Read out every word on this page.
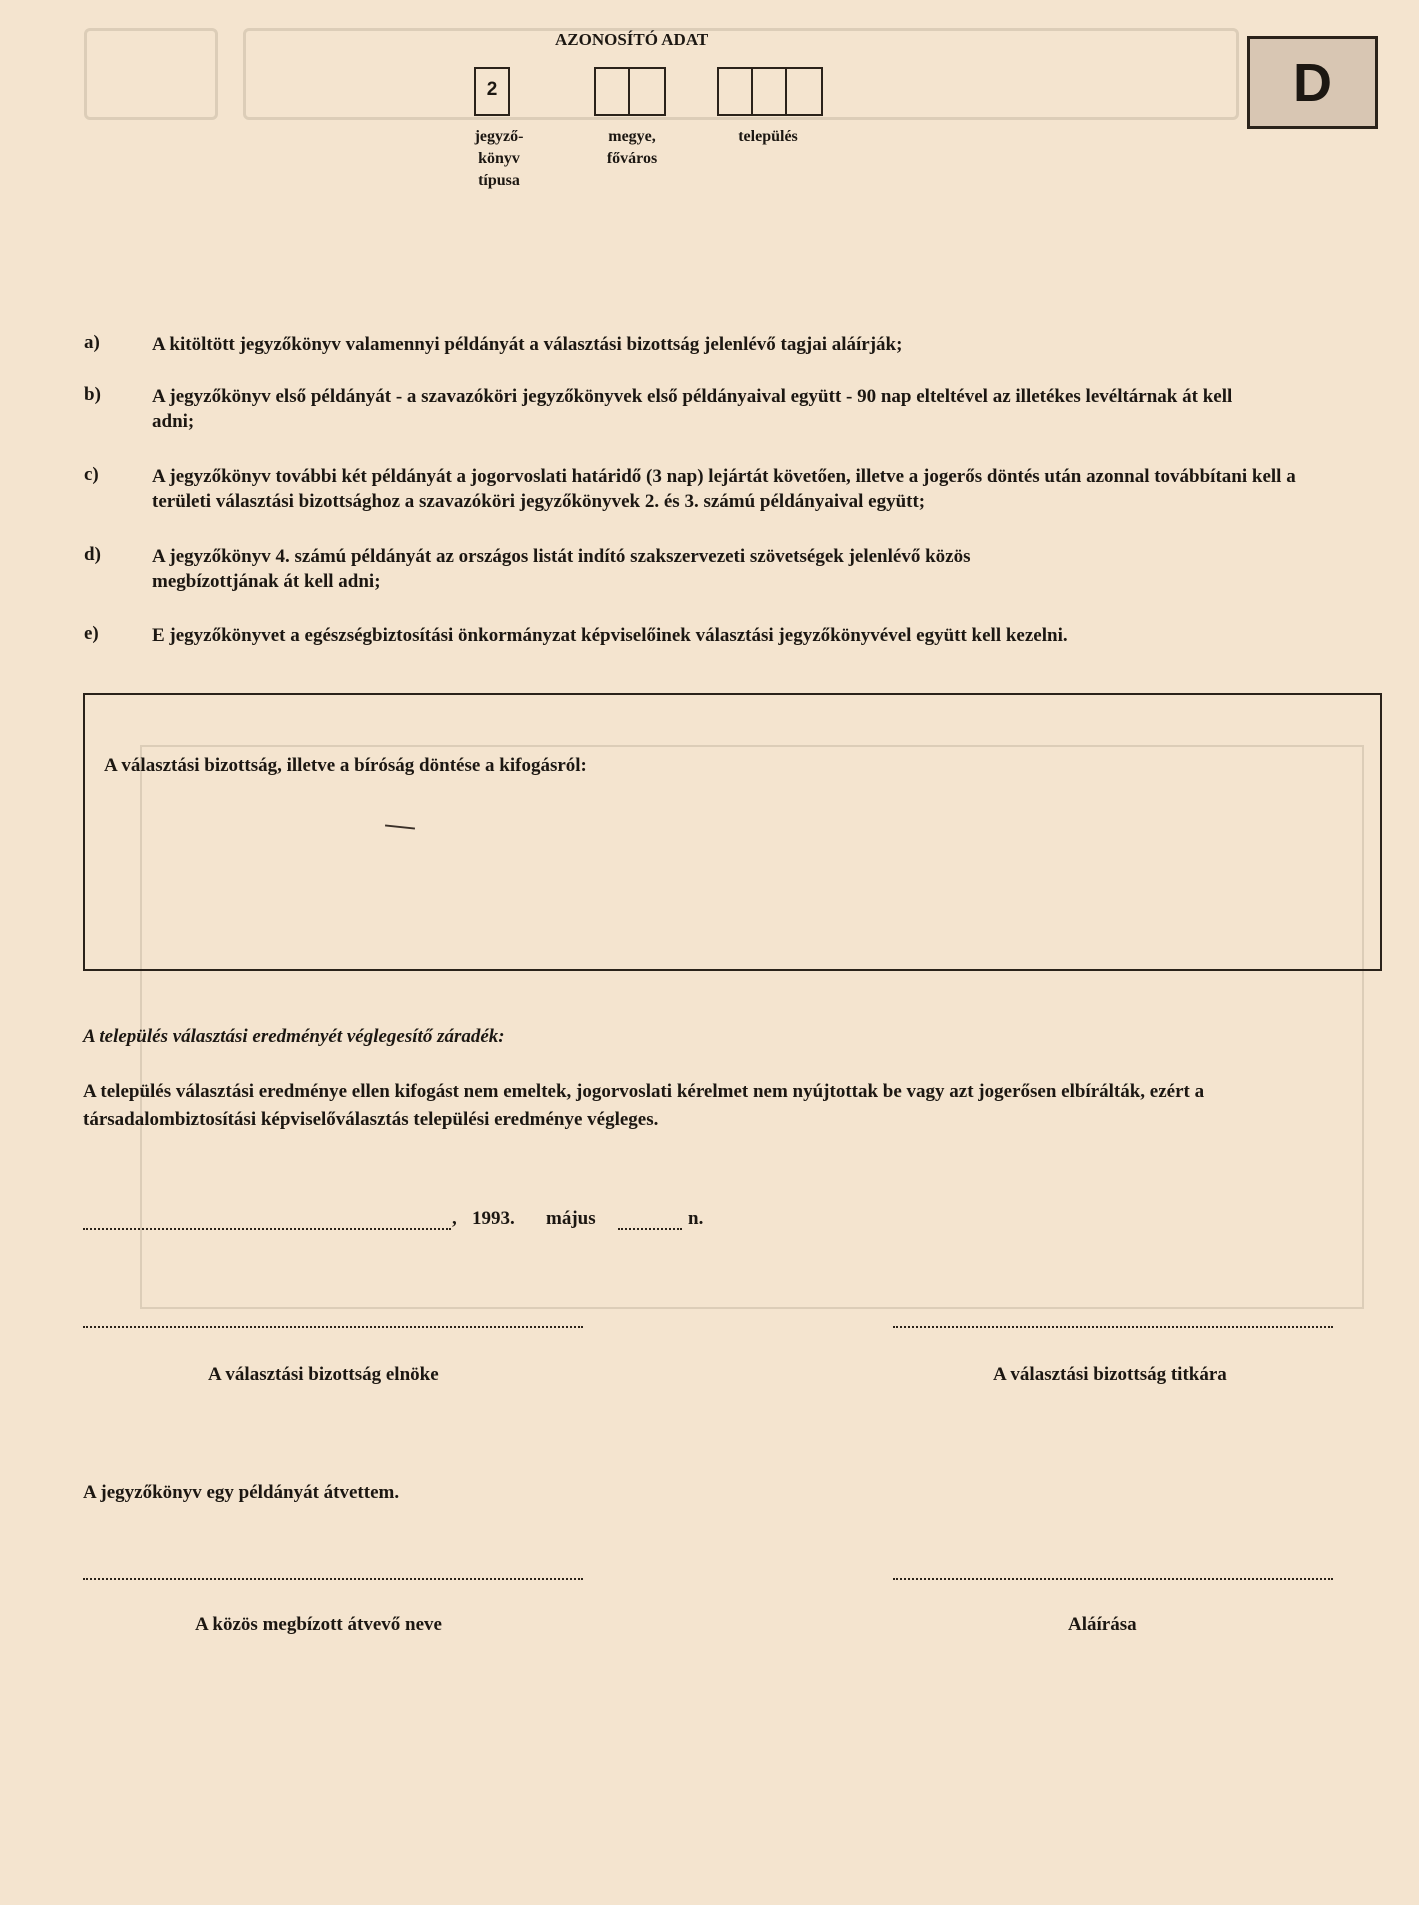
AZONOSÍTÓ ADAT
2
jegyző-
könyv
típusa
megye,
főváros
település
D
a)	A kitöltött jegyzőkönyv valamennyi példányát a választási bizottság jelenlévő tagjai aláírják;
b)	A jegyzőkönyv első példányát - a szavazóköri jegyzőkönyvek első példányaival együtt - 90 nap elteltével az illetékes levéltárnak át kell adni;
c)	A jegyzőkönyv további két példányát a jogorvoslati határidő (3 nap) lejártát követően, illetve a jogerős döntés után azonnal továbbítani kell a területi választási bizottsághoz a szavazóköri jegyzőkönyvek 2. és 3. számú példányaival együtt;
d)	A jegyzőkönyv 4. számú példányát az országos listát indító szakszervezeti szövetségek jelenlévő közös megbízottjának át kell adni;
e)	E jegyzőkönyvet a egészségbiztosítási önkormányzat képviselőinek választási jegyzőkönyvével együtt kell kezelni.
A választási bizottság, illetve a bíróság döntése a kifogásról:
A település választási eredményét véglegesítő záradék:
A település választási eredménye ellen kifogást nem emeltek, jogorvoslati kérelmet nem nyújtottak be vagy azt jogerősen elbírálták, ezért a társadalombiztosítási képviselőválasztás települési eredménye végleges.
, 1993. május	n.
A választási bizottság elnöke	A választási bizottság titkára
A jegyzőkönyv egy példányát átvettem.
A közös megbízott átvevő neve	Aláírása
